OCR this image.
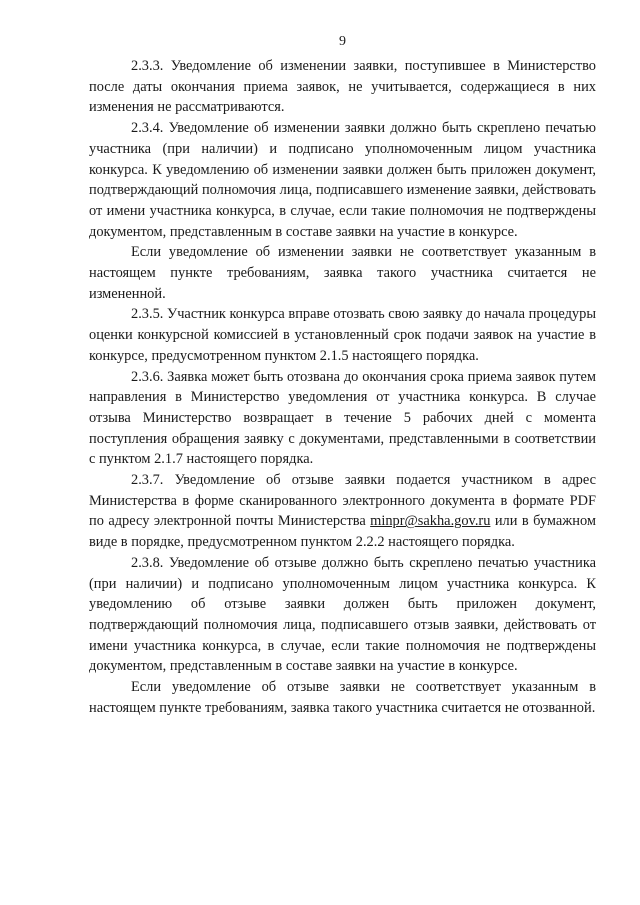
9

2.3.3. Уведомление об изменении заявки, поступившее в Министерство после даты окончания приема заявок, не учитывается, содержащиеся в них изменения не рассматриваются.

2.3.4. Уведомление об изменении заявки должно быть скреплено печатью участника (при наличии) и подписано уполномоченным лицом участника конкурса. К уведомлению об изменении заявки должен быть приложен документ, подтверждающий полномочия лица, подписавшего изменение заявки, действовать от имени участника конкурса, в случае, если такие полномочия не подтверждены документом, представленным в составе заявки на участие в конкурсе.

Если уведомление об изменении заявки не соответствует указанным в настоящем пункте требованиям, заявка такого участника считается не измененной.

2.3.5. Участник конкурса вправе отозвать свою заявку до начала процедуры оценки конкурсной комиссией в установленный срок подачи заявок на участие в конкурсе, предусмотренном пунктом 2.1.5 настоящего порядка.

2.3.6. Заявка может быть отозвана до окончания срока приема заявок путем направления в Министерство уведомления от участника конкурса. В случае отзыва Министерство возвращает в течение 5 рабочих дней с момента поступления обращения заявку с документами, представленными в соответствии с пунктом 2.1.7 настоящего порядка.

2.3.7. Уведомление об отзыве заявки подается участником в адрес Министерства в форме сканированного электронного документа в формате PDF по адресу электронной почты Министерства minpr@sakha.gov.ru или в бумажном виде в порядке, предусмотренном пунктом 2.2.2 настоящего порядка.

2.3.8. Уведомление об отзыве должно быть скреплено печатью участника (при наличии) и подписано уполномоченным лицом участника конкурса. К уведомлению об отзыве заявки должен быть приложен документ, подтверждающий полномочия лица, подписавшего отзыв заявки, действовать от имени участника конкурса, в случае, если такие полномочия не подтверждены документом, представленным в составе заявки на участие в конкурсе.

Если уведомление об отзыве заявки не соответствует указанным в настоящем пункте требованиям, заявка такого участника считается не отозванной.
